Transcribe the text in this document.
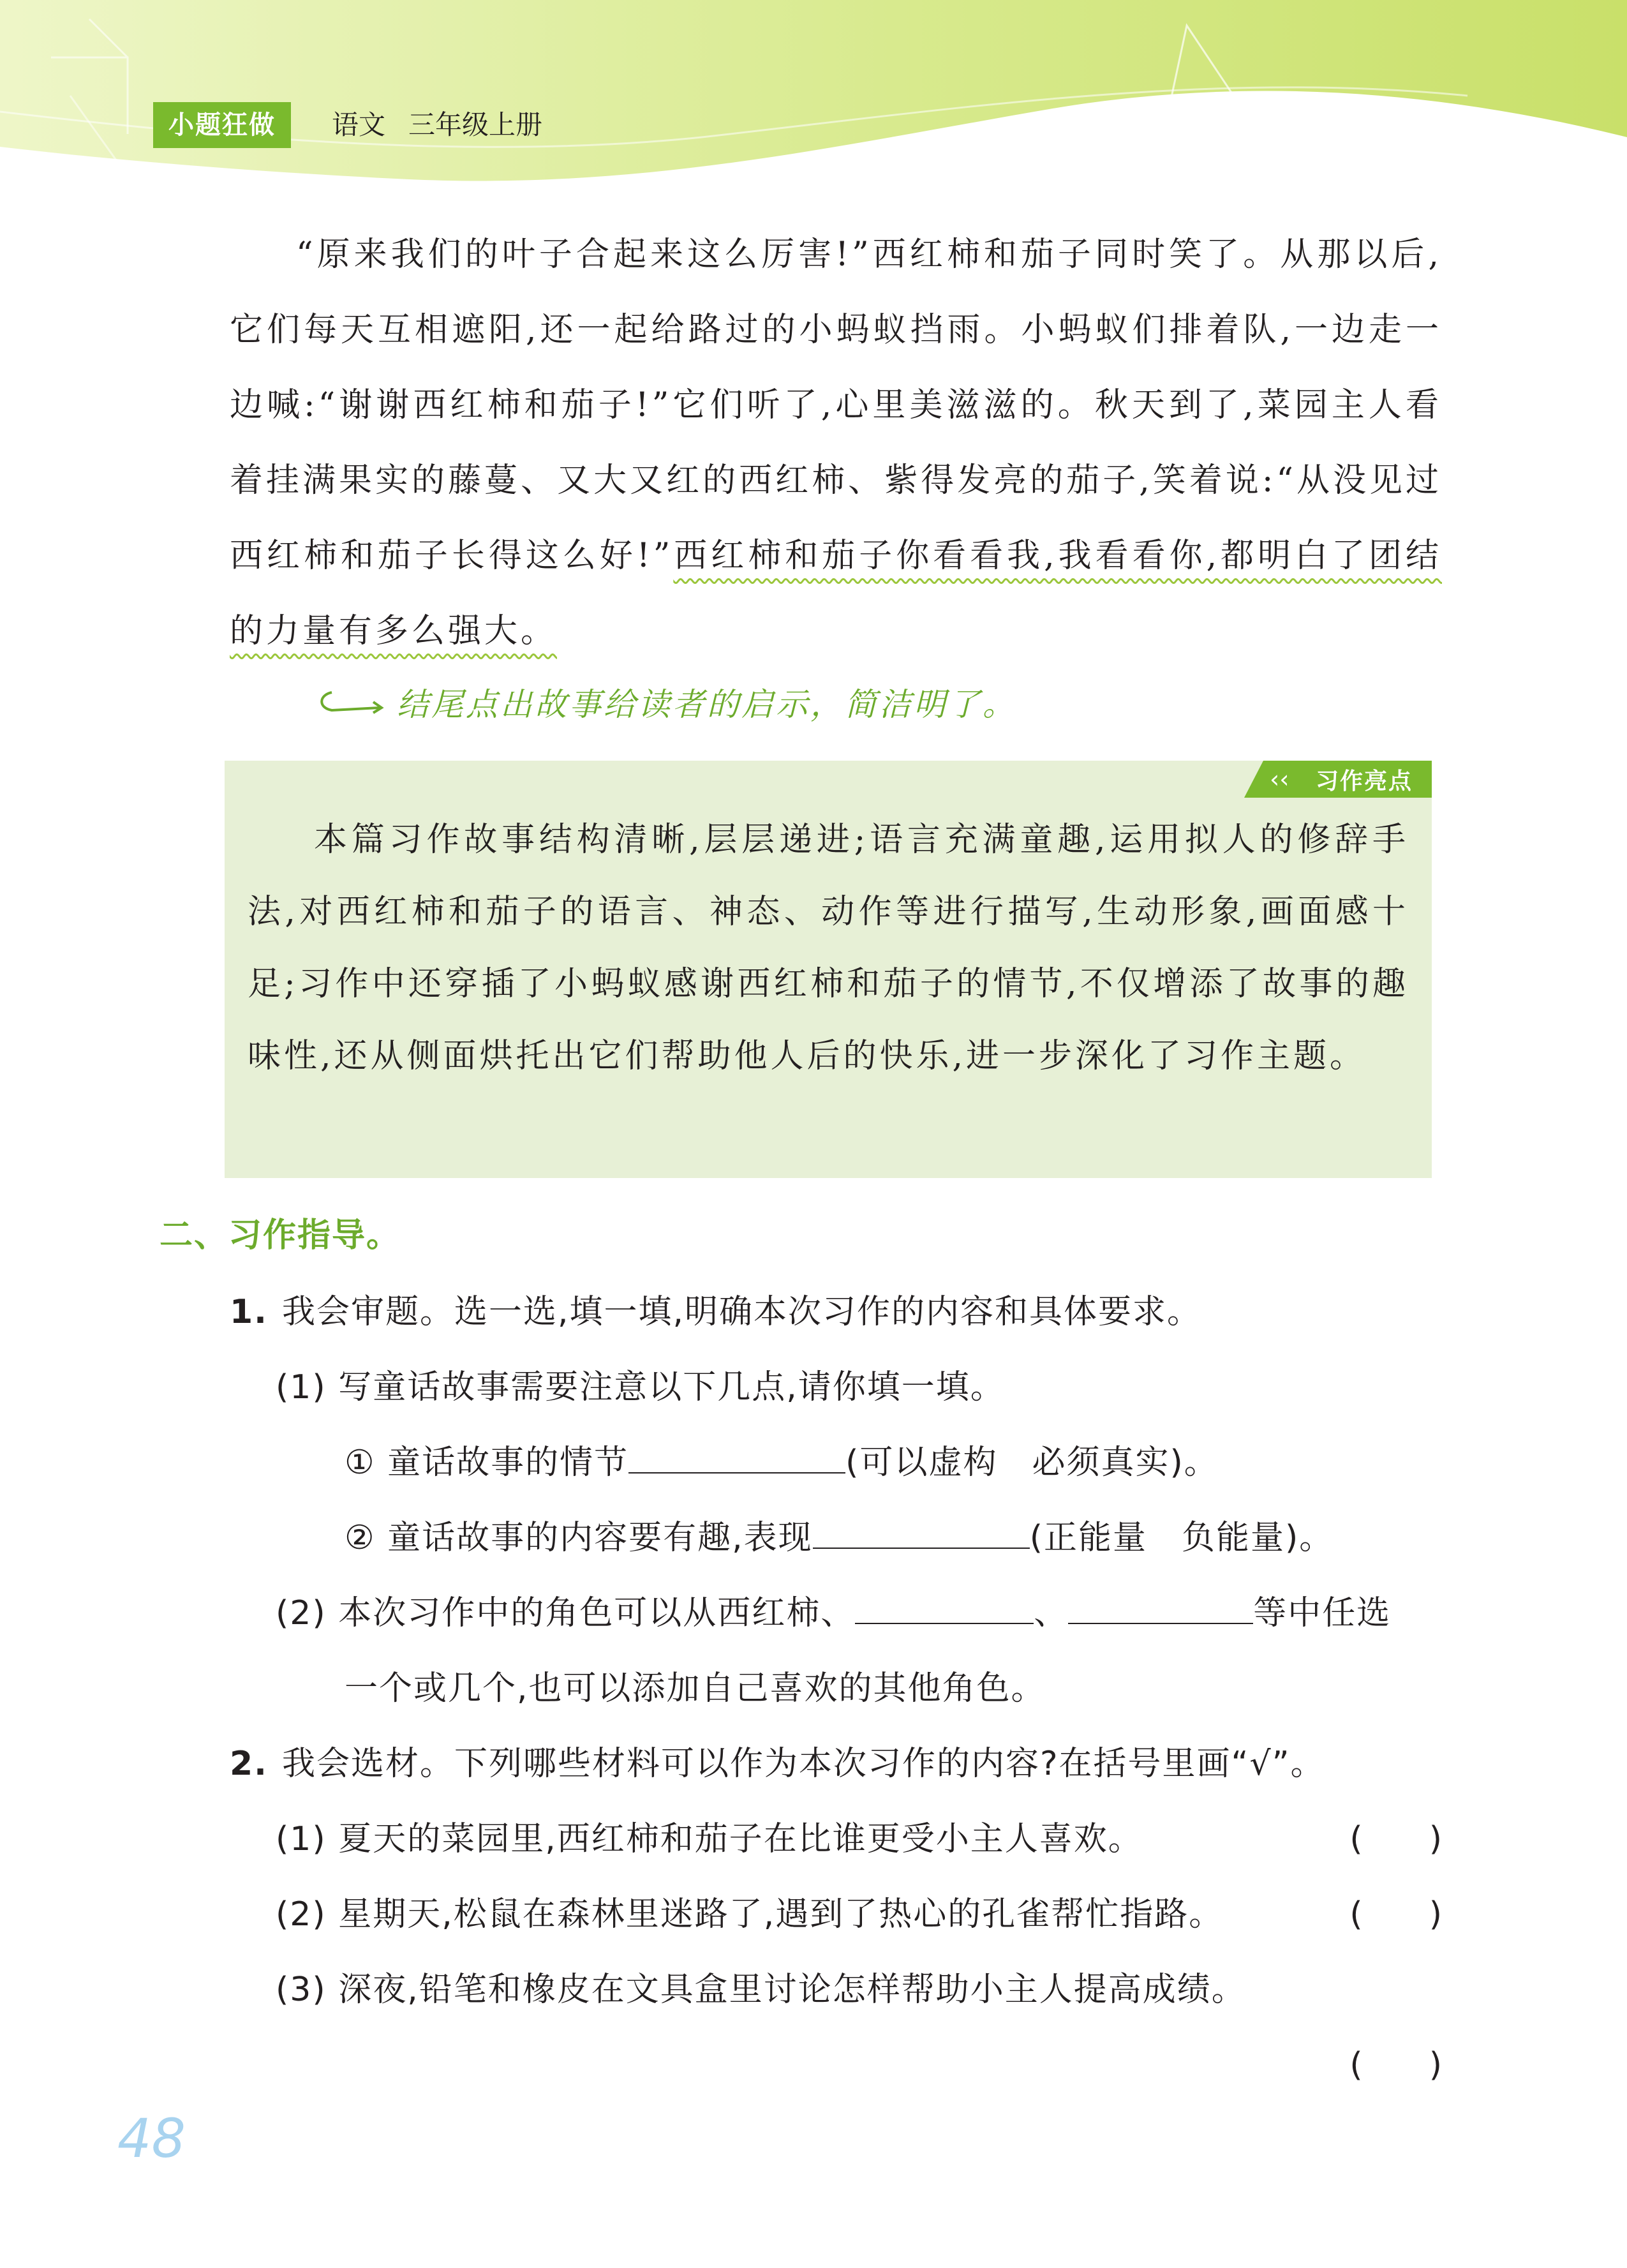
小题狂做	语文 三年级上册

“原来我们的叶子合起来这么厉害!”西红柿和茄子同时笑了。从那以后,它们每天互相遮阳,还一起给路过的小蚂蚁挡雨。小蚂蚁们排着队,一边走一边喊:“谢谢西红柿和茄子!”它们听了,心里美滋滋的。秋天到了,菜园主人看着挂满果实的藤蔓、又大又红的西红柿、紫得发亮的茄子,笑着说:“从没见过西红柿和茄子长得这么好!”西红柿和茄子你看看我,我看看你,都明白了团结的力量有多么强大。

结尾点出故事给读者的启示，简洁明了。
‹‹ 习作亮点

本篇习作故事结构清晰,层层递进;语言充满童趣,运用拟人的修辞手法,对西红柿和茄子的语言、神态、动作等进行描写,生动形象,画面感十足;习作中还穿插了小蚂蚁感谢西红柿和茄子的情节,不仅增添了故事的趣味性,还从侧面烘托出它们帮助他人后的快乐,进一步深化了习作主题。

二、习作指导。
1. 我会审题。选一选,填一填,明确本次习作的内容和具体要求。
(1) 写童话故事需要注意以下几点,请你填一填。
① 童话故事的情节	(可以虚构　必须真实)。
② 童话故事的内容要有趣,表现	(正能量　负能量)。
(2) 本次习作中的角色可以从西红柿、	、	等中任选
一个或几个,也可以添加自己喜欢的其他角色。
2. 我会选材。下列哪些材料可以作为本次习作的内容?在括号里画“√”。
(1) 夏天的菜园里,西红柿和茄子在比谁更受小主人喜欢。	(　　)
(2) 星期天,松鼠在森林里迷路了,遇到了热心的孔雀帮忙指路。	(　　)
(3) 深夜,铅笔和橡皮在文具盒里讨论怎样帮助小主人提高成绩。
(　　)
48
